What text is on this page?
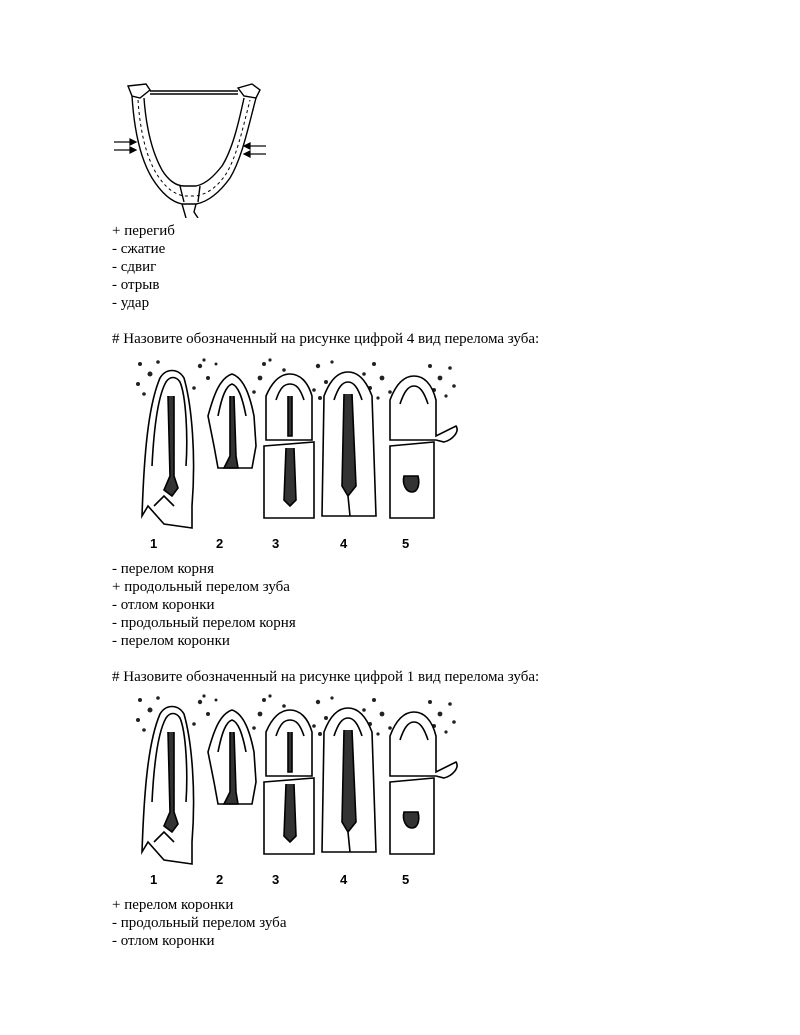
+ перегиб
- сжатие
- сдвиг
- отрыв
- удар
# Назовите обозначенный на рисунке цифрой 4 вид перелома зуба:
1	2	3	4	5
- перелом корня
+ продольный перелом зуба
- отлом коронки
- продольный перелом корня
- перелом коронки
# Назовите обозначенный на рисунке цифрой 1 вид перелома зуба:
1	2	3	4	5
+ перелом коронки
- продольный перелом зуба
- отлом коронки
